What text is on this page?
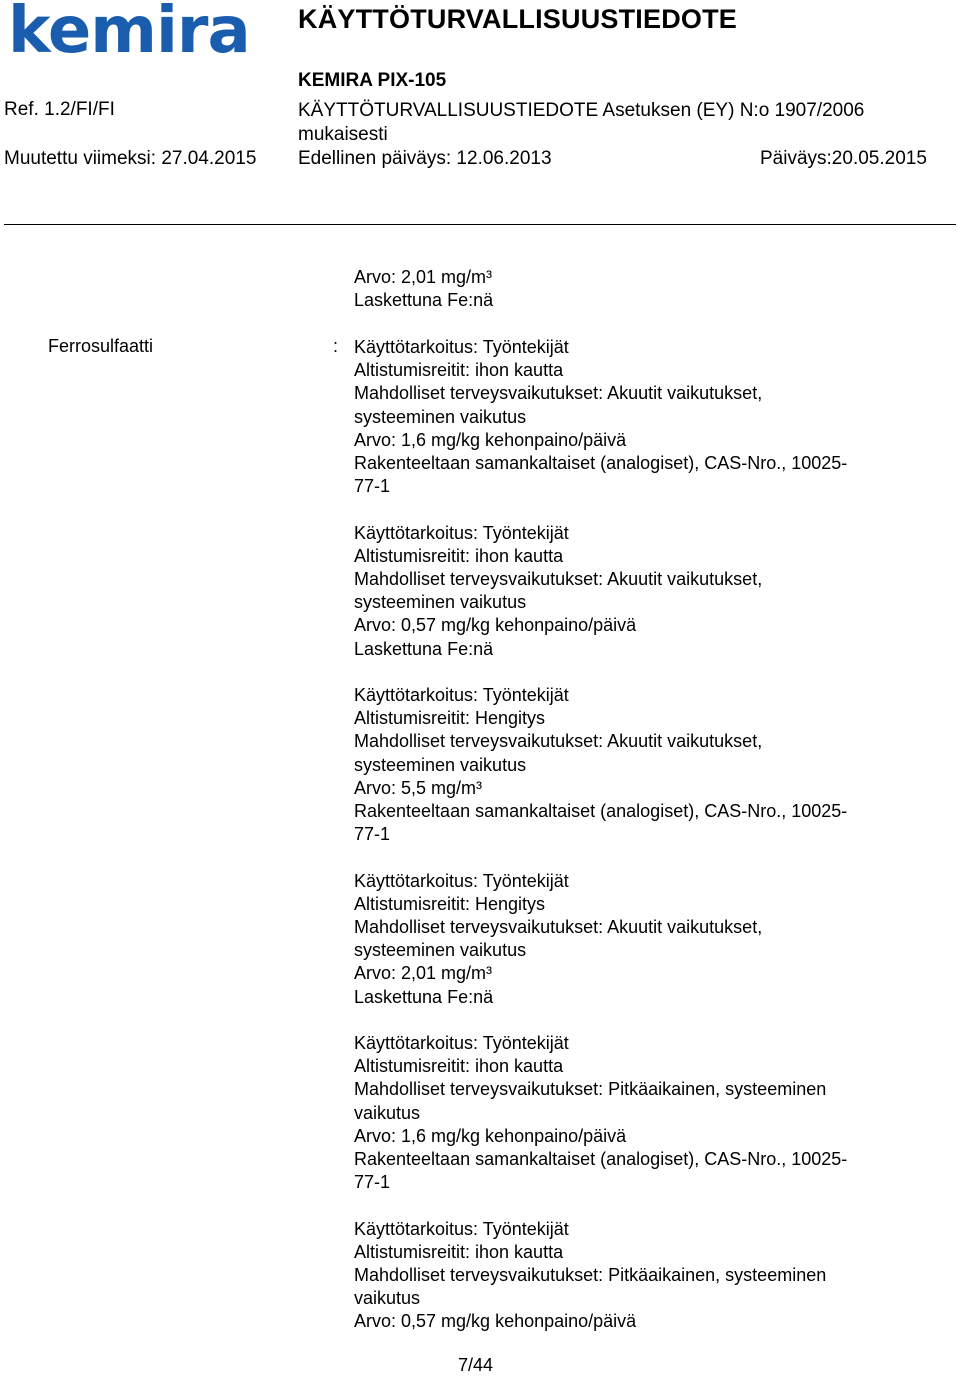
kemira	KÄYTTÖTURVALLISUUSTIEDOTE
KEMIRA PIX-105
Ref. 1.2/FI/FI	KÄYTTÖTURVALLISUUSTIEDOTE Asetuksen (EY) N:o 1907/2006
mukaisesti
Muutettu viimeksi: 27.04.2015 Edellinen päiväys: 12.06.2013	Päiväys:20.05.2015
Arvo: 2,01 mg/m³
Laskettuna Fe:nä
Ferrosulfaatti	: Käyttötarkoitus: Työntekijät
Altistumisreitit: ihon kautta
Mahdolliset terveysvaikutukset: Akuutit vaikutukset,
systeeminen vaikutus
Arvo: 1,6 mg/kg kehonpaino/päivä
Rakenteeltaan samankaltaiset (analogiset), CAS-Nro., 10025-
77-1
Käyttötarkoitus: Työntekijät
Altistumisreitit: ihon kautta
Mahdolliset terveysvaikutukset: Akuutit vaikutukset,
systeeminen vaikutus
Arvo: 0,57 mg/kg kehonpaino/päivä
Laskettuna Fe:nä
Käyttötarkoitus: Työntekijät
Altistumisreitit: Hengitys
Mahdolliset terveysvaikutukset: Akuutit vaikutukset,
systeeminen vaikutus
Arvo: 5,5 mg/m³
Rakenteeltaan samankaltaiset (analogiset), CAS-Nro., 10025-
77-1
Käyttötarkoitus: Työntekijät
Altistumisreitit: Hengitys
Mahdolliset terveysvaikutukset: Akuutit vaikutukset,
systeeminen vaikutus
Arvo: 2,01 mg/m³
Laskettuna Fe:nä
Käyttötarkoitus: Työntekijät
Altistumisreitit: ihon kautta
Mahdolliset terveysvaikutukset: Pitkäaikainen, systeeminen
vaikutus
Arvo: 1,6 mg/kg kehonpaino/päivä
Rakenteeltaan samankaltaiset (analogiset), CAS-Nro., 10025-
77-1
Käyttötarkoitus: Työntekijät
Altistumisreitit: ihon kautta
Mahdolliset terveysvaikutukset: Pitkäaikainen, systeeminen
vaikutus
Arvo: 0,57 mg/kg kehonpaino/päivä
7/44
